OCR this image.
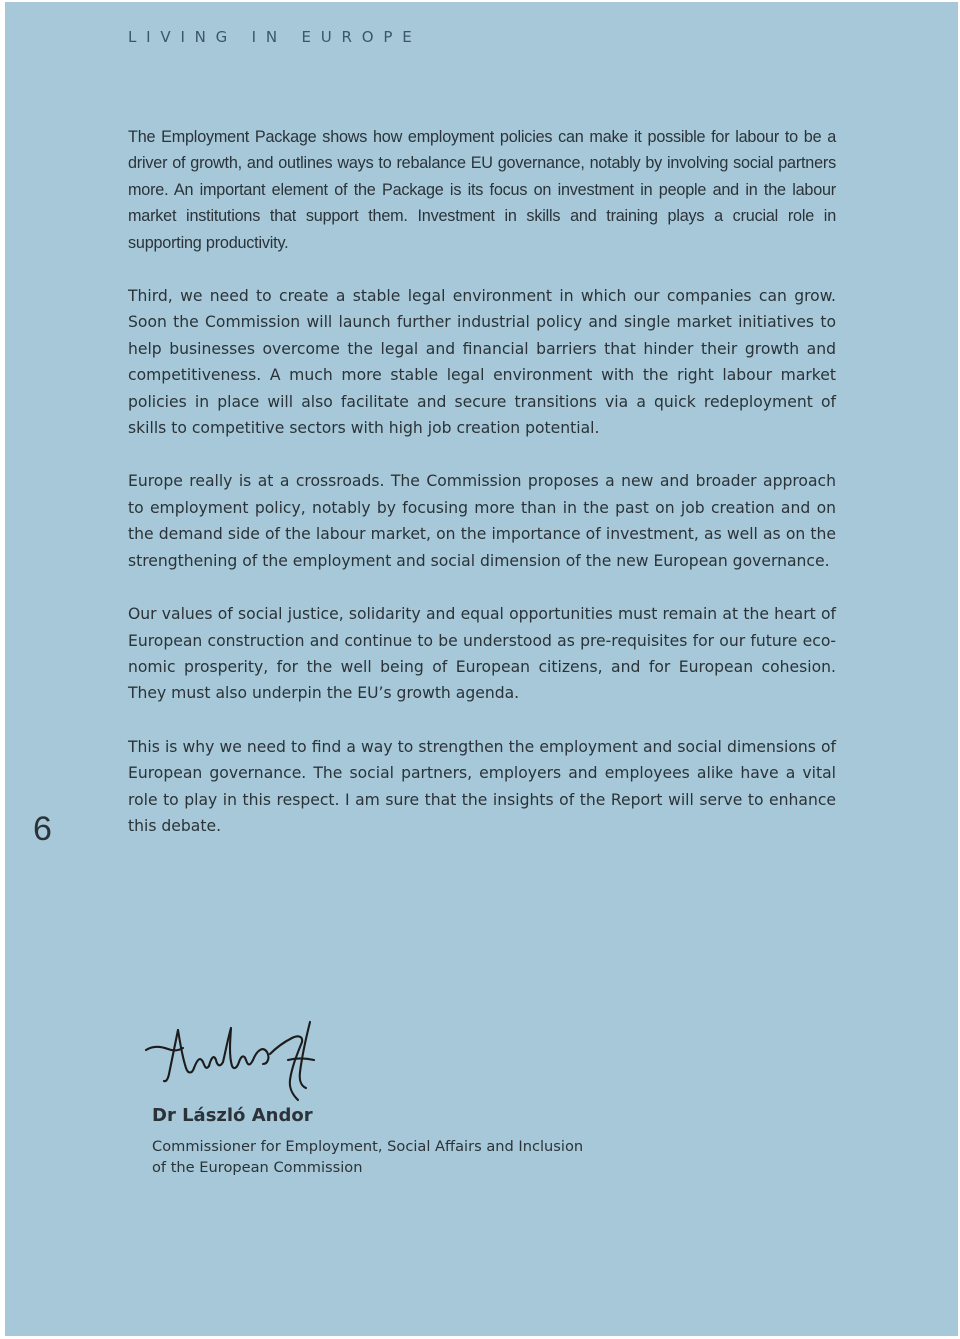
LIVING IN EUROPE

The Employment Package shows how employment policies can make it possible for labour to be a driver of growth, and outlines ways to rebalance EU governance, notably by involving social partners more. An important element of the Package is its focus on investment in people and in the labour market institutions that support them. Investment in skills and training plays a crucial role in supporting productivity.

Third, we need to create a stable legal environment in which our companies can grow. Soon the Commission will launch further industrial policy and single market initiatives to help businesses overcome the legal and financial barriers that hinder their growth and competitiveness. A much more stable legal environment with the right labour market policies in place will also facilitate and secure transitions via a quick redeployment of skills to competitive sectors with high job creation potential.

Europe really is at a crossroads. The Commission proposes a new and broader approach to employment policy, notably by focusing more than in the past on job creation and on the demand side of the labour market, on the importance of investment, as well as on the strengthening of the employment and social dimension of the new European governance.

Our values of social justice, solidarity and equal opportunities must remain at the heart of European construction and continue to be understood as pre-requisites for our future economic prosperity, for the well being of European citizens, and for European cohesion. They must also underpin the EU’s growth agenda.

This is why we need to find a way to strengthen the employment and social dimensions of European governance. The social partners, employers and employees alike have a vital role to play in this respect. I am sure that the insights of the Report will serve to enhance this debate.

6

Dr László Andor

Commissioner for Employment, Social Affairs and Inclusion

of the European Commission
